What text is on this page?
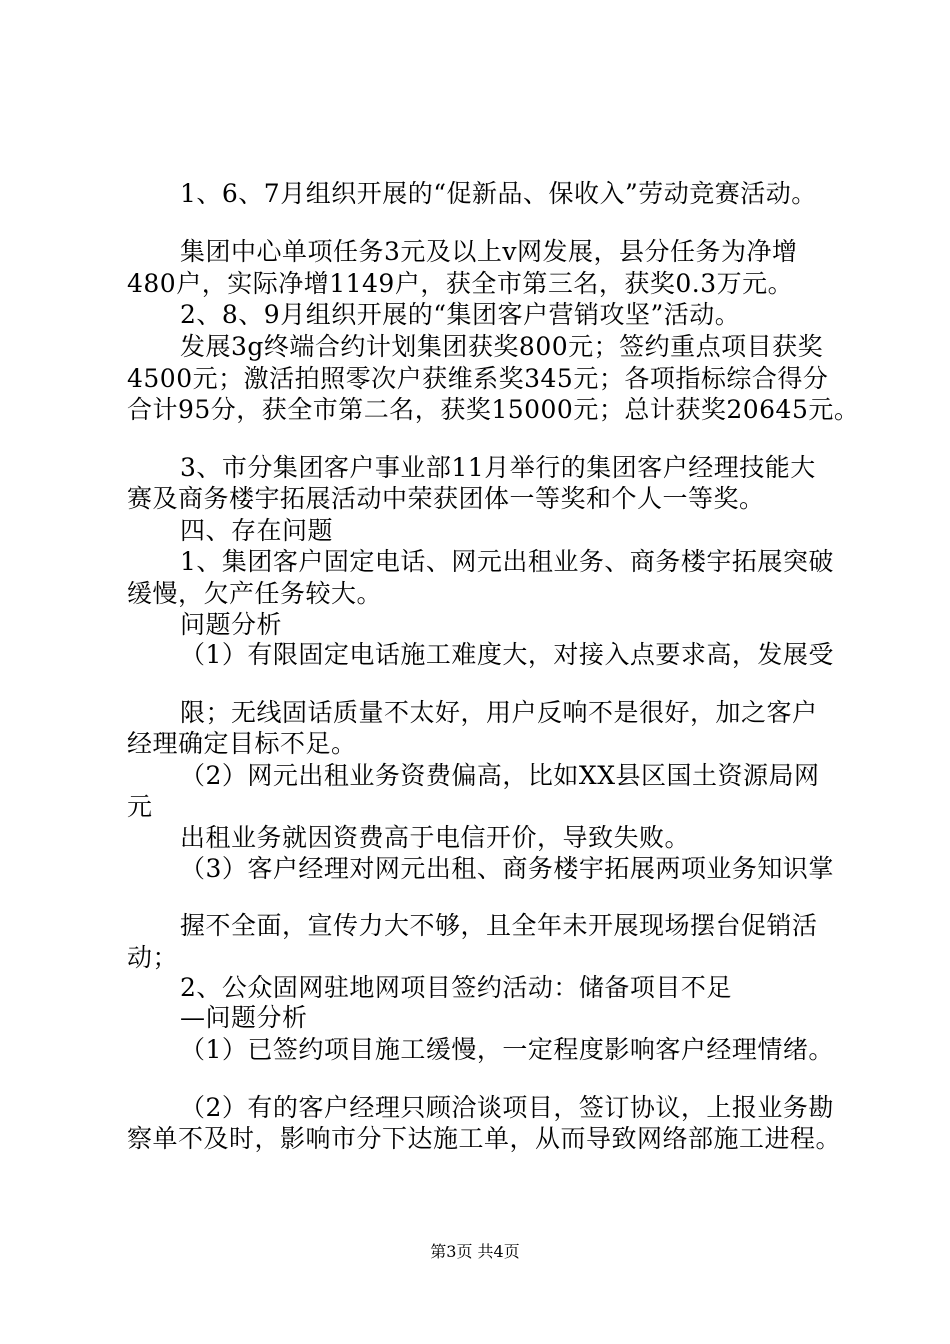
1、6、7月组织开展的“促新品、保收入”劳动竞赛活动。
集团中心单项任务3元及以上v网发展，县分任务为净增
480户，实际净增1149户，获全市第三名，获奖0.3万元。
2、8、9月组织开展的“集团客户营销攻坚”活动。
发展3g终端合约计划集团获奖800元；签约重点项目获奖
4500元；激活拍照零次户获维系奖345元；各项指标综合得分
合计95分，获全市第二名，获奖15000元；总计获奖20645元。
3、市分集团客户事业部11月举行的集团客户经理技能大
赛及商务楼宇拓展活动中荣获团体一等奖和个人一等奖。
四、存在问题
1、集团客户固定电话、网元出租业务、商务楼宇拓展突破
缓慢，欠产任务较大。
问题分析
（1）有限固定电话施工难度大，对接入点要求高，发展受
限；无线固话质量不太好，用户反响不是很好，加之客户
经理确定目标不足。
（2）网元出租业务资费偏高，比如XX县区国土资源局网
元
出租业务就因资费高于电信开价，导致失败。
（3）客户经理对网元出租、商务楼宇拓展两项业务知识掌
握不全面，宣传力大不够，且全年未开展现场摆台促销活
动；
2、公众固网驻地网项目签约活动：储备项目不足
—问题分析
（1）已签约项目施工缓慢，一定程度影响客户经理情绪。
（2）有的客户经理只顾洽谈项目，签订协议，上报业务勘
察单不及时，影响市分下达施工单，从而导致网络部施工进程。
第3页 共4页
